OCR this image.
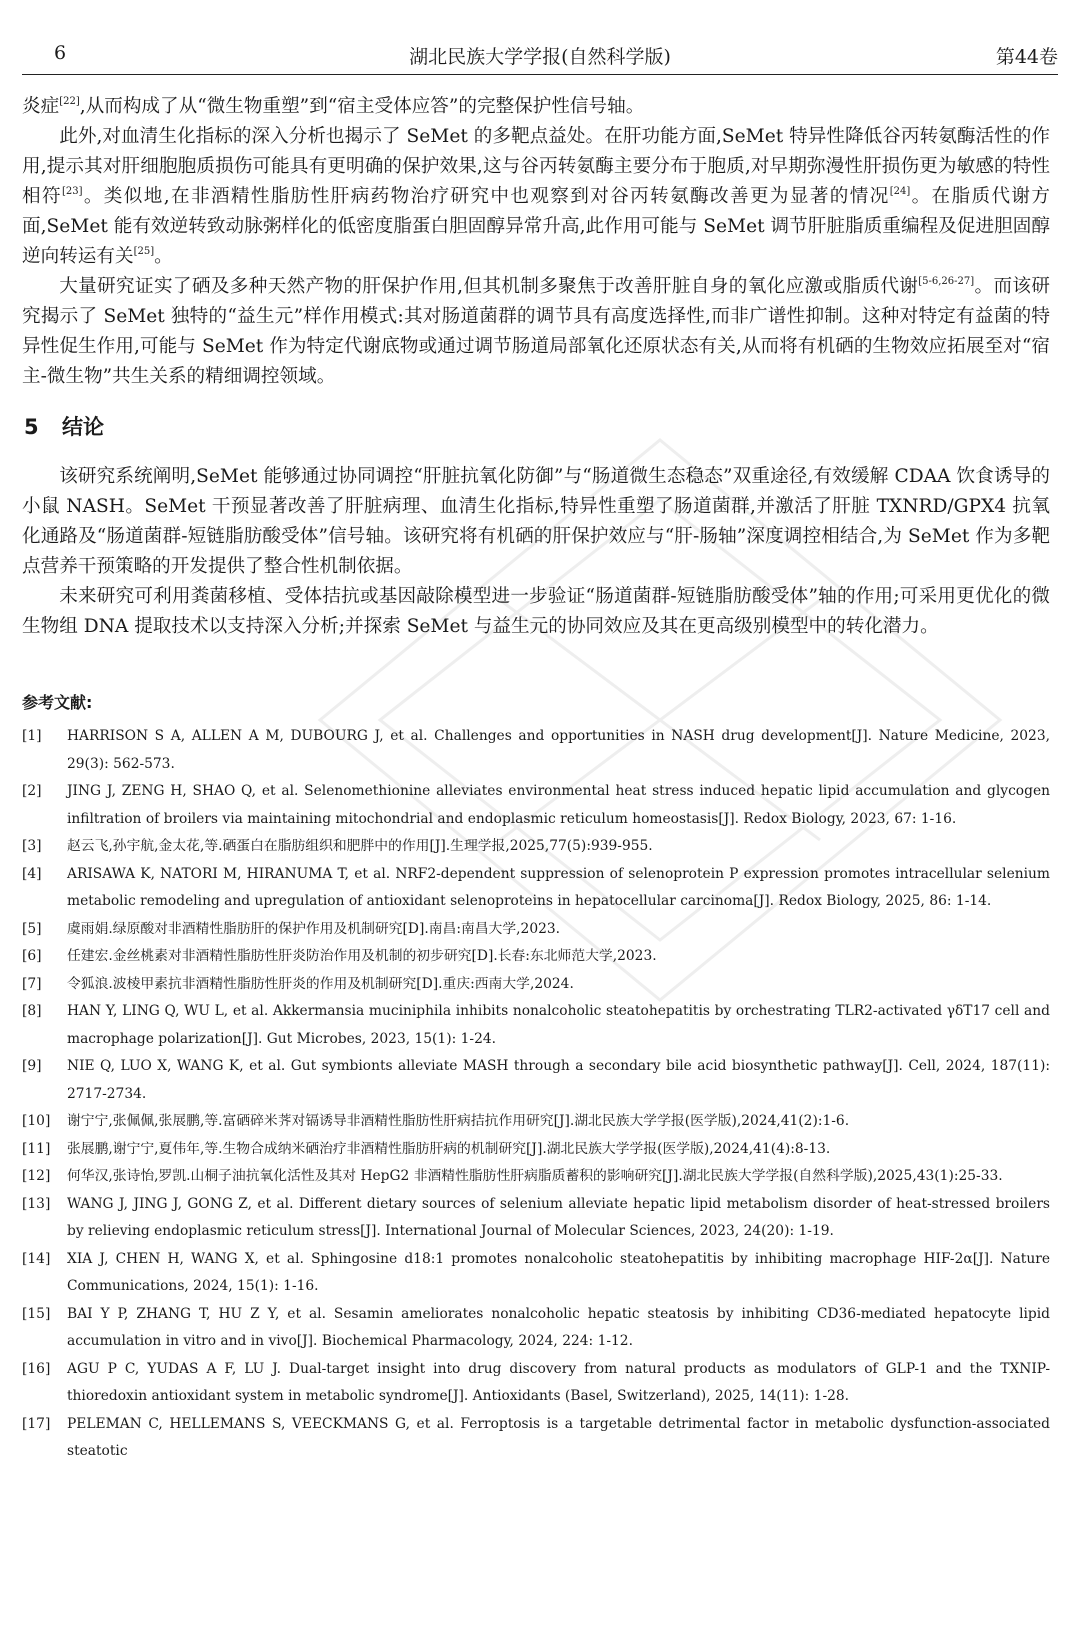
6	湖北民族大学学报(自然科学版)	第44卷

炎症[22],从而构成了从“微生物重塑”到“宿主受体应答”的完整保护性信号轴。

此外,对血清生化指标的深入分析也揭示了 SeMet 的多靶点益处。在肝功能方面,SeMet 特异性降低谷丙转氨酶活性的作用,提示其对肝细胞胞质损伤可能具有更明确的保护效果,这与谷丙转氨酶主要分布于胞质,对早期弥漫性肝损伤更为敏感的特性相符[23]。类似地,在非酒精性脂肪性肝病药物治疗研究中也观察到对谷丙转氨酶改善更为显著的情况[24]。在脂质代谢方面,SeMet 能有效逆转致动脉粥样化的低密度脂蛋白胆固醇异常升高,此作用可能与 SeMet 调节肝脏脂质重编程及促进胆固醇逆向转运有关[25]。

大量研究证实了硒及多种天然产物的肝保护作用,但其机制多聚焦于改善肝脏自身的氧化应激或脂质代谢[5-6,26-27]。而该研究揭示了 SeMet 独特的“益生元”样作用模式:其对肠道菌群的调节具有高度选择性,而非广谱性抑制。这种对特定有益菌的特异性促生作用,可能与 SeMet 作为特定代谢底物或通过调节肠道局部氧化还原状态有关,从而将有机硒的生物效应拓展至对“宿主-微生物”共生关系的精细调控领域。

5 结论

该研究系统阐明,SeMet 能够通过协同调控“肝脏抗氧化防御”与“肠道微生态稳态”双重途径,有效缓解 CDAA 饮食诱导的小鼠 NASH。SeMet 干预显著改善了肝脏病理、血清生化指标,特异性重塑了肠道菌群,并激活了肝脏 TXNRD/GPX4 抗氧化通路及“肠道菌群-短链脂肪酸受体”信号轴。该研究将有机硒的肝保护效应与“肝-肠轴”深度调控相结合,为 SeMet 作为多靶点营养干预策略的开发提供了整合性机制依据。

未来研究可利用粪菌移植、受体拮抗或基因敲除模型进一步验证“肠道菌群-短链脂肪酸受体”轴的作用;可采用更优化的微生物组 DNA 提取技术以支持深入分析;并探索 SeMet 与益生元的协同效应及其在更高级别模型中的转化潜力。

参考文献:
[1]	HARRISON S A, ALLEN A M, DUBOURG J, et al. Challenges and opportunities in NASH drug development[J]. Nature Medicine, 2023, 29(3): 562-573.
[2]	JING J, ZENG H, SHAO Q, et al. Selenomethionine alleviates environmental heat stress induced hepatic lipid accumulation and glycogen infiltration of broilers via maintaining mitochondrial and endoplasmic reticulum homeostasis[J]. Redox Biology, 2023, 67: 1-16.
[3]	赵云飞,孙宇航,金太花,等.硒蛋白在脂肪组织和肥胖中的作用[J].生理学报,2025,77(5):939-955.
[4]	ARISAWA K, NATORI M, HIRANUMA T, et al. NRF2-dependent suppression of selenoprotein P expression promotes intracellular selenium metabolic remodeling and upregulation of antioxidant selenoproteins in hepatocellular carcinoma[J]. Redox Biology, 2025, 86: 1-14.
[5]	虞雨娟.绿原酸对非酒精性脂肪肝的保护作用及机制研究[D].南昌:南昌大学,2023.
[6]	任建宏.金丝桃素对非酒精性脂肪性肝炎防治作用及机制的初步研究[D].长春:东北师范大学,2023.
[7]	令狐浪.波棱甲素抗非酒精性脂肪性肝炎的作用及机制研究[D].重庆:西南大学,2024.
[8]	HAN Y, LING Q, WU L, et al. Akkermansia muciniphila inhibits nonalcoholic steatohepatitis by orchestrating TLR2-activated γδT17 cell and macrophage polarization[J]. Gut Microbes, 2023, 15(1): 1-24.
[9]	NIE Q, LUO X, WANG K, et al. Gut symbionts alleviate MASH through a secondary bile acid biosynthetic pathway[J]. Cell, 2024, 187(11): 2717-2734.
[10]	谢宁宁,张佩佩,张展鹏,等.富硒碎米荠对镉诱导非酒精性脂肪性肝病拮抗作用研究[J].湖北民族大学学报(医学版),2024,41(2):1-6.
[11]	张展鹏,谢宁宁,夏伟年,等.生物合成纳米硒治疗非酒精性脂肪肝病的机制研究[J].湖北民族大学学报(医学版),2024,41(4):8-13.
[12]	何华汉,张诗怡,罗凯.山桐子油抗氧化活性及其对 HepG2 非酒精性脂肪性肝病脂质蓄积的影响研究[J].湖北民族大学学报(自然科学版),2025,43(1):25-33.
[13]	WANG J, JING J, GONG Z, et al. Different dietary sources of selenium alleviate hepatic lipid metabolism disorder of heat-stressed broilers by relieving endoplasmic reticulum stress[J]. International Journal of Molecular Sciences, 2023, 24(20): 1-19.
[14]	XIA J, CHEN H, WANG X, et al. Sphingosine d18:1 promotes nonalcoholic steatohepatitis by inhibiting macrophage HIF-2α[J]. Nature Communications, 2024, 15(1): 1-16.
[15]	BAI Y P, ZHANG T, HU Z Y, et al. Sesamin ameliorates nonalcoholic hepatic steatosis by inhibiting CD36-mediated hepatocyte lipid accumulation in vitro and in vivo[J]. Biochemical Pharmacology, 2024, 224: 1-12.
[16]	AGU P C, YUDAS A F, LU J. Dual-target insight into drug discovery from natural products as modulators of GLP-1 and the TXNIP-thioredoxin antioxidant system in metabolic syndrome[J]. Antioxidants (Basel, Switzerland), 2025, 14(11): 1-28.
[17]	PELEMAN C, HELLEMANS S, VEECKMANS G, et al. Ferroptosis is a targetable detrimental factor in metabolic dysfunction-associated steatotic
